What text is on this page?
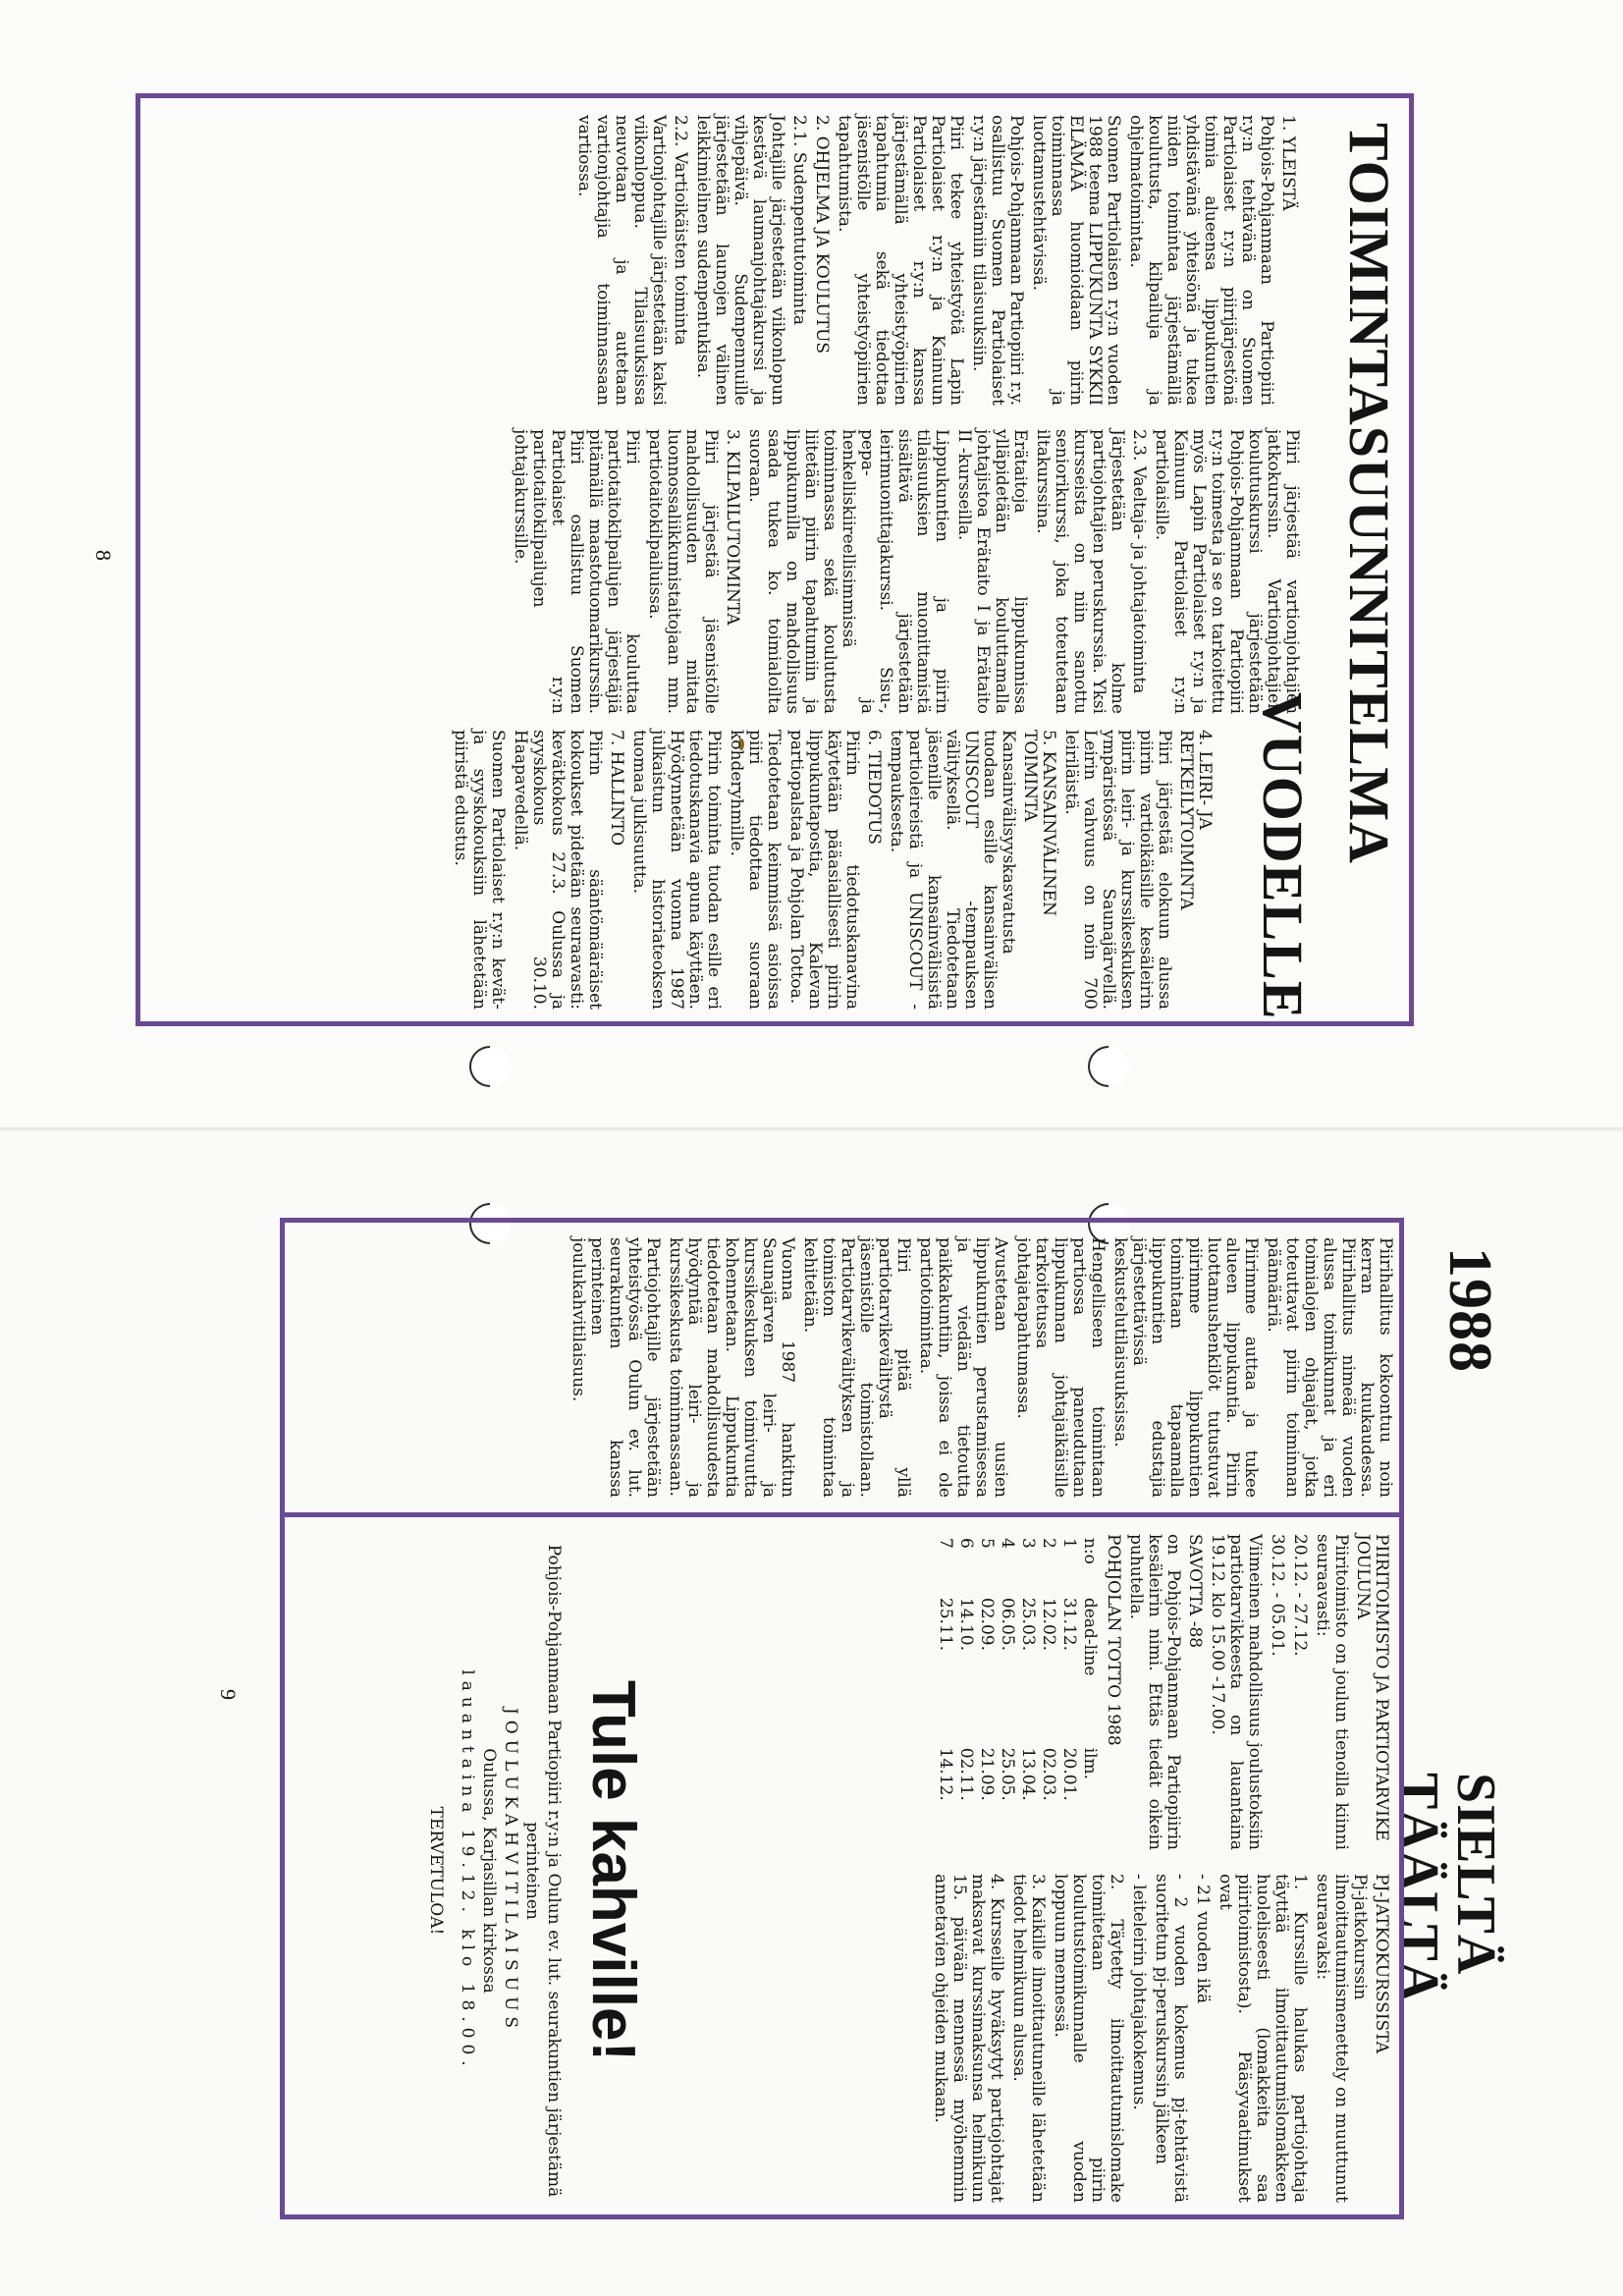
TOIMINTASUUNNITELMA
VUODELLE
1. YLEISTÄ

Pohjois-Pohjanmaan Partiopiiri r.y:n tehtävänä on Suomen Partiolaiset r.y:n piirijärjestönä toimia alueensa lippukuntien yhdistävänä yhteisönä ja tukea niiden toimintaa järjestämällä koulutusta, kilpailuja ja ohjelmatoimintaa.

Suomen Partiolaisen r.y:n vuoden 1988 teema LIPPUKUNTA SYKKII ELÄMÄÄ huomioidaan piirin toiminnassa ja luottamustehtävissä.

Pohjois-Pohjanmaan Partiopiiri r.y. osallistuu Suomen Partiolaiset r.y:n järjestämiin tilaisuuksiin.

Piiri tekee yhteistyötä Lapin Partiolaiset r.y:n ja Kainuun Partiolaiset r.y:n kanssa järjestämällä yhteistyöpiirien tapahtumia sekä tiedottaa jäsenistölle yhteistyöpiirien tapahtumista.

2. OHJELMA JA KOULUTUS
2.1. Sudenpentutoiminta

Johtajille järjestetään viikonlopun kestävä laumanjohtajakurssi ja vihjepäivä. Sudenpennuille järjestetään launojen välinen leikkimielinen sudenpentukisa.

2.2. Vartioikäisten toiminta

Vartionjohtajille järjestetään kaksi viikonloppua. Tilaisuuksissa neuvotaan ja autetaan vartionjohtajia toiminnassaan vartiossa.

Piiri järjestää vartionjohtajien jatkokurssin. Vartionjohtajien koulutuskurssi järjestetään Pohjois-Pohjanmaan Partiopiiri r.y:n toimesta ja se on tarkoitettu myös Lapin Partiolaiset r.y:n ja Kainuun Partiolaiset r.y:n partiolaisille.

2.3. Vaeltaja- ja johtajatoiminta

Järjestetään kolme partiojohtajien peruskurssia. Yksi kursseista on niin sanottu seniorikurssi, joka toteutetaan iltakurssina.

Erätaitoja lippukunnissa ylläpidetään kouluttamalla johtajistoa Erätaito I ja Erätaito II -kursseilla.

Lippukuntien ja piirin tilaisuuksien muonittamistä sisältävä järjestetään leirimuonittajakurssi. Sisu-, pepa- ja henkelliskiireellisimmissä toiminnassa sekä koulutusta liitetään piirin tapahtumiin ja lippukunnilla on mahdollisuus saada tukea ko. toimialoilta suoraan.

3. KILPAILUTOIMINTA

Piiri järjestää jäsenistölle mahdollisuuden mitata luonnossaliikkumistaitojaan mm. partiotaitokilpailuissa.

Piiri kouluttaa partiotaitokilpailujen järjestäjiä pitämällä maastotuomarikurssin. Piiri osallistuu Suomen Partiolaiset r.y:n partiotaitokilpailujen johtajakurssille.

4. LEIRI- JA RETKEILYTOIMINTA

Piiri järjestää elokuun alussa piirin vartioikäisille kesäleirin piirin leiri- ja kurssikeskuksen ympäristössä Saunajärvellä. Leirin vahvuus on noin 700 leiriläistä.

5. KANSAINVÄLINEN TOIMINTA

Kansainvälisyyskasvatusta tuodaan esille kansainvälisen UNISCOUT -tempauksen välityksellä. Tiedotetaan jäsenille kansainvälisistä partioleireistä ja UNISCOUT -tempauksesta.

6. TIEDOTUS

Piirin tiedotuskanavina käytetään pääasiallisesti piirin lippukuntapostia, Kalevan partiopalstaa ja Pohjolan Tottoa.

Tiedotetaan keimmissä asioissa piiri tiedottaa suoraan kohderyhmille.

Piirin toiminta tuodan esille eri tiedotuskanavia apuna käyttäen. Hyödynnetään vuonna 1987 julkaistun historiateoksen tuomaa julkisuutta.

7. HALLINTO

Piirin sääntömääräiset kokoukset pidetään seuraavasti: kevätkokous 27.3. Oulussa ja syyskokous 30.10. Haapavedellä.

Suomen Partiolaiset r.y:n kevät- ja syyskokouksiin lähetetään piiristä edustus.

8
1988
SIELTÄ
TÄÄLTÄ

Piirihallitus kokoontuu noin kerran kuukaudessa. Piirihallitus nimeää vuoden alussa toimikunnat ja eri toimialojen ohjaajat, jotka toteuttavat piirin toiminnan päämääriä.

Piirimme auttaa ja tukee alueen lippukuntia. Piirin luottamushenkilöt tutustuvat piirimme lippukuntien toimintaan tapaamalla lippukuntien edustajia järjestettävissä keskustelutilaisuuksissa.

Hengelliseen toimintaan partiossa paneudutaan lippukunnan johtajaikäisille tarkoitetussa johtajatapahtumassa.

Avustetaan uusien lippukuntien perustamisessa ja viedään tietoutta paikkakuntiin, joissa ei ole partiotoimintaa.

Piiri pitää yllä partiotarvikevälitystä jäsenistölle toimistollaan. Partiotarvikevälityksen ja toimiston toimintaa kehitetään.

Vuonna 1987 hankitun Saunajärven leiri- ja kurssikeskuksen toimivuutta kohennetaan. Lippukuntia tiedotetaan mahdollisuudesta hyödyntää leiri- ja kurssikeskusta toiminnassaan.

Partiojohtajille järjestetään yhteistyössä Oulun ev. lut. seurakuntien kanssa perinteinen joulukahvitilaisuus.

PIIRITOIMISTO JA PARTIOTARVIKE JOULUNA

Piiritoimisto on joulun tienoilla kiinni seuraavasti:

20.12. - 27.12.

30.12. - 05.01.

Viimeinen mahdollisuus joulustoksiin partiotarvikkeesta on lauantaina 19.12. klo 15.00 -17.00.

SAVOTTA -88

on Pohjois-Pohjanmaan Partiopiirin kesäleirin nimi. Ettäs tiedät oikein puhutella.

POHJOLAN TOTTO 1988
n:o	dead-line	ilm.
1	31.12.	20.01.
2	12.02.	02.03.
3	25.03.	13.04.
4	06.05.	25.05.
5	02.09.	21.09.
6	14.10.	02.11.
7	25.11.	14.12.
PJ-JATKOKURSSISTA

Pj-jatkokurssin ilmoittautumismenettely on muuttunut seuraavaksi:

1. Kurssille halukas partiojohtaja täyttää ilmoittautumislomakkeen huoleliseesti (lomakkeita saa piiritoimistosta). Pääsyvaatimukset ovat

- 21 vuoden ikä

- 2 vuoden kokemus pj-tehtävistä suoritetun pj-peruskurssin jälkeen

- leiteleirin johtajakokemus.

2. Täytetty ilmoittautumislomake toimitetaan piirin koulutustoimikunnalle vuoden loppuun mennessä.

3. Kaikille ilmoittautuneille lähetetään tiedot helmikuun alussa.

4. Kursseille hyväksytyt partiojohtajat maksavat kurssimaksunsa helmikuun 15. päivään mennessä myöhemmin annetavien ohjeiden mukaan.

Tule kahville!
Pohjois-Pohjanmaan Partiopiiri r.y:n ja Oulun ev. lut. seurakuntien järjestämä perinteinen
JOULUKAHVITILAISUUS
Oulussa, Karjasillan kirkossa
lauantaina 19.12. klo 18.00.
TERVETULOA!
9
